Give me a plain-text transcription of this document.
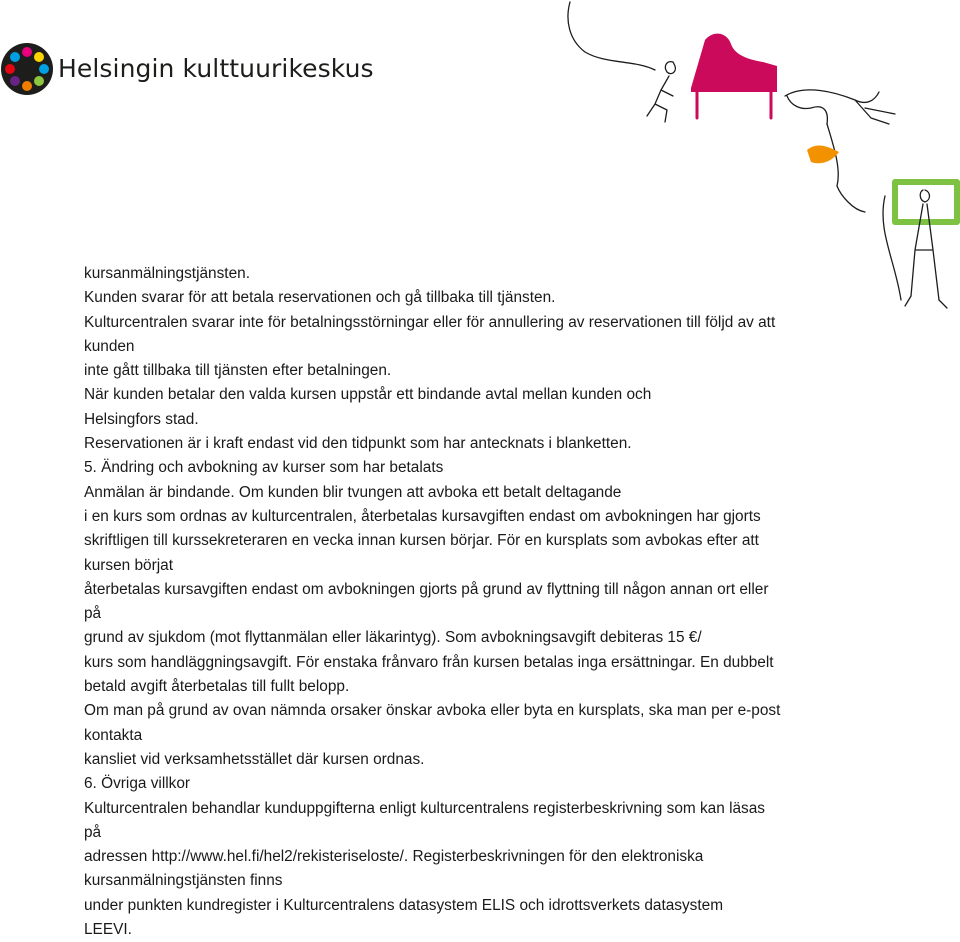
Helsingin kulttuurikeskus
kursanmälningstjänsten.
Kunden svarar för att betala reservationen och gå tillbaka till tjänsten.
Kulturcentralen svarar inte för betalningsstörningar eller för annullering av reservationen till följd av att
kunden
inte gått tillbaka till tjänsten efter betalningen.
När kunden betalar den valda kursen uppstår ett bindande avtal mellan kunden och
Helsingfors stad.
Reservationen är i kraft endast vid den tidpunkt som har antecknats i blanketten.
5. Ändring och avbokning av kurser som har betalats
Anmälan är bindande. Om kunden blir tvungen att avboka ett betalt deltagande
i en kurs som ordnas av kulturcentralen, återbetalas kursavgiften endast om avbokningen har gjorts
skriftligen till kurssekreteraren en vecka innan kursen börjar. För en kursplats som avbokas efter att
kursen börjat
återbetalas kursavgiften endast om avbokningen gjorts på grund av flyttning till någon annan ort eller
på
grund av sjukdom (mot flyttanmälan eller läkarintyg). Som avbokningsavgift debiteras 15 €/
kurs som handläggningsavgift. För enstaka frånvaro från kursen betalas inga ersättningar. En dubbelt
betald avgift återbetalas till fullt belopp.
Om man på grund av ovan nämnda orsaker önskar avboka eller byta en kursplats, ska man per e-post
kontakta
kansliet vid verksamhetsstället där kursen ordnas.
6. Övriga villkor
Kulturcentralen behandlar kunduppgifterna enligt kulturcentralens registerbeskrivning som kan läsas
på
adressen http://www.hel.fi/hel2/rekisteriseloste/. Registerbeskrivningen för den elektroniska
kursanmälningstjänsten finns
under punkten kundregister i Kulturcentralens datasystem ELIS och idrottsverkets datasystem
LEEVI.
